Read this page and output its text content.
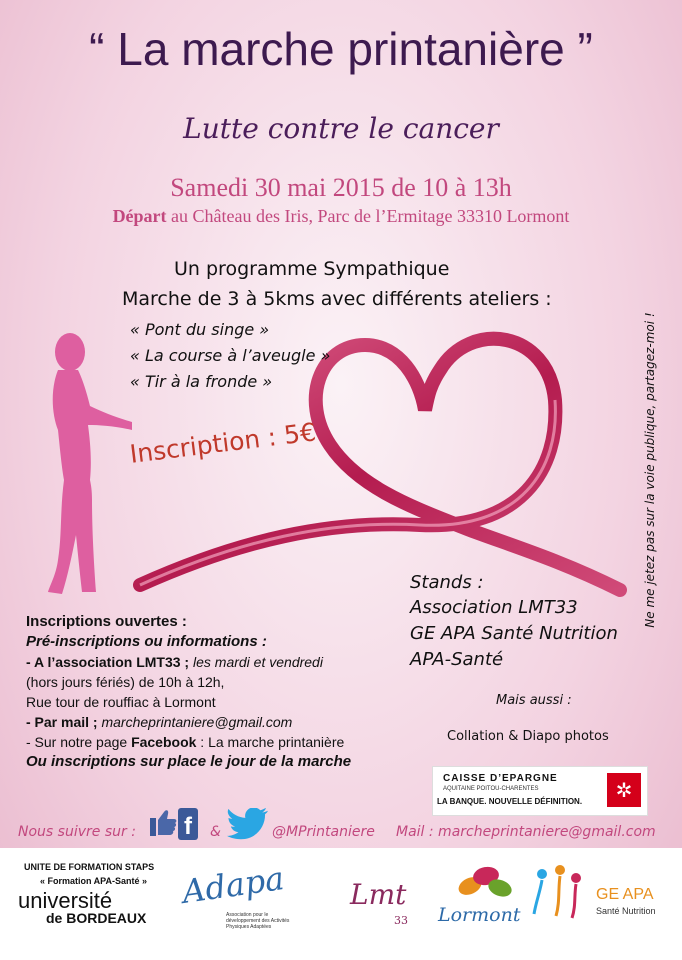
“ La marche printanière ”
Lutte contre le cancer
Samedi 30 mai 2015 de 10 à 13h
Départ au Château des Iris, Parc de l’Ermitage 33310 Lormont
Un programme Sympathique
Marche de 3 à 5kms avec différents ateliers :
« Pont du singe »
« La course à l’aveugle »
« Tir à la fronde »
Inscription : 5€	Ne me jetez pas sur la voie publique, partagez-moi !
Stands :
Association LMT33
GE APA Santé Nutrition
APA-Santé
Mais aussi :
Collation & Diapo photos
Inscriptions ouvertes :
Pré-inscriptions ou informations :
- A l’association LMT33 ; les mardi et vendredi
(hors jours fériés) de 10h à 12h,
Rue tour de rouffiac à Lormont
- Par mail ; marcheprintaniere@gmail.com
- Sur notre page Facebook : La marche printanière
Ou inscriptions sur place le jour de la marche
CAISSE D’EPARGNE
AQUITAINE POITOU-CHARENTES
LA BANQUE. NOUVELLE DÉFINITION.	✲
Nous suivre sur : f &	@MPrintaniere Mail : marcheprintaniere@gmail.com
UNITE DE FORMATION STAPS
« Formation APA-Santé »
université
de BORDEAUX
Adapa
Association pour le développement des Activités Physiques Adaptées
Lmt
33 Lormont
GE APA
Santé Nutrition
